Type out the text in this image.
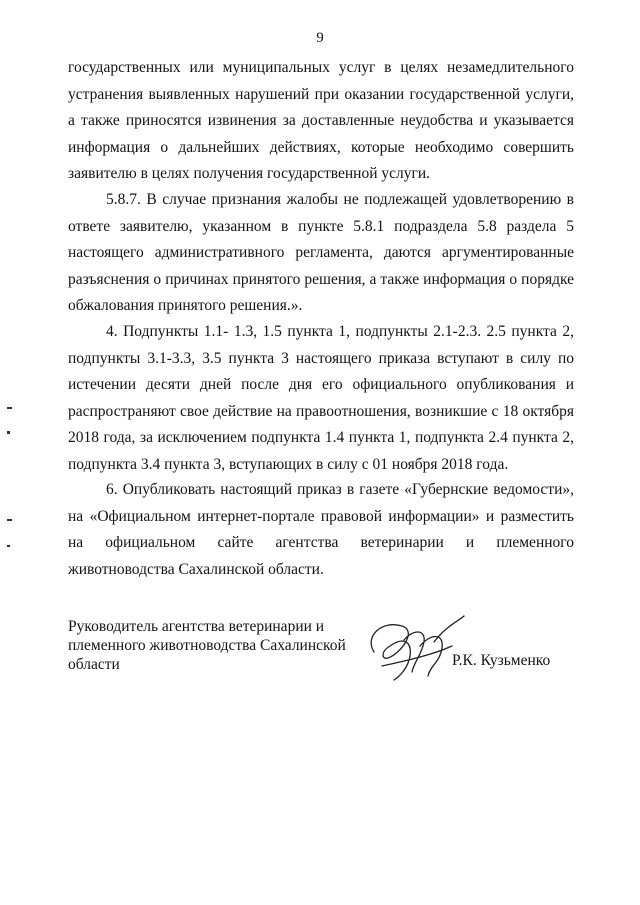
9

государственных или муниципальных услуг в целях незамедлительного устранения выявленных нарушений при оказании государственной услуги, а также приносятся извинения за доставленные неудобства и указывается информация о дальнейших действиях, которые необходимо совершить заявителю в целях получения государственной услуги.

5.8.7. В случае признания жалобы не подлежащей удовлетворению в ответе заявителю, указанном в пункте 5.8.1 подраздела 5.8 раздела 5 настоящего административного регламента, даются аргументированные разъяснения о причинах принятого решения, а также информация о порядке обжалования принятого решения.».

4. Подпункты 1.1- 1.3, 1.5 пункта 1, подпункты 2.1-2.3. 2.5 пункта 2, подпункты 3.1-3.3, 3.5 пункта 3 настоящего приказа вступают в силу по истечении десяти дней после дня его официального опубликования и распространяют свое действие на правоотношения, возникшие с 18 октября 2018 года, за исключением подпункта 1.4 пункта 1, подпункта 2.4 пункта 2, подпункта 3.4 пункта 3, вступающих в силу с 01 ноября 2018 года.

6. Опубликовать настоящий приказ в газете «Губернские ведомости», на «Официальном интернет-портале правовой информации» и разместить на официальном сайте агентства ветеринарии и племенного животноводства Сахалинской области.

Руководитель агентства ветеринарии и племенного животноводства Сахалинской области	Р.К. Кузьменко
